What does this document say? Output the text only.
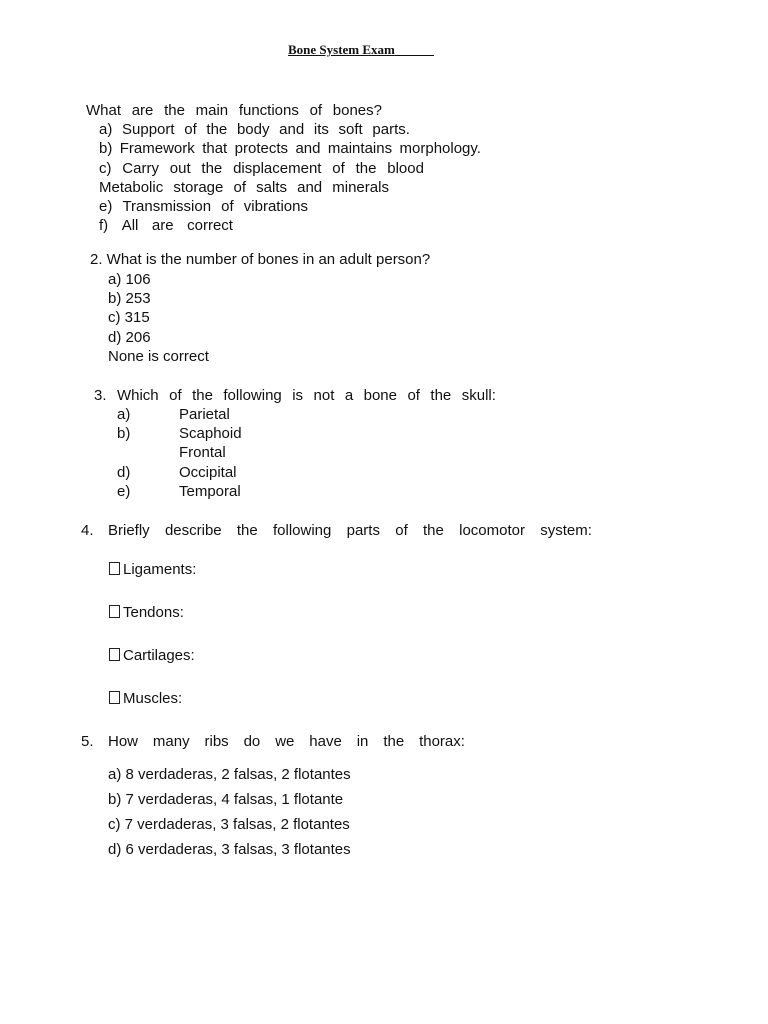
Bone System Exam______
What are the main functions of bones?
a) Support of the body and its soft parts.
b) Framework that protects and maintains morphology.
c) Carry out the displacement of the blood
Metabolic storage of salts and minerals
e) Transmission of vibrations
f) All are correct
2. What is the number of bones in an adult person?
a) 106
b) 253
c) 315
d) 206
None is correct
3. Which of the following is not a bone of the skull:
a)	Parietal
b)	Scaphoid
Frontal
d)	Occipital
e)	Temporal
4. Briefly describe the following parts of the locomotor system:
Ligaments:
Tendons:
Cartilages:
Muscles:
5. How many ribs do we have in the thorax:
a) 8 verdaderas, 2 falsas, 2 flotantes
b) 7 verdaderas, 4 falsas, 1 flotante
c) 7 verdaderas, 3 falsas, 2 flotantes
d) 6 verdaderas, 3 falsas, 3 flotantes
